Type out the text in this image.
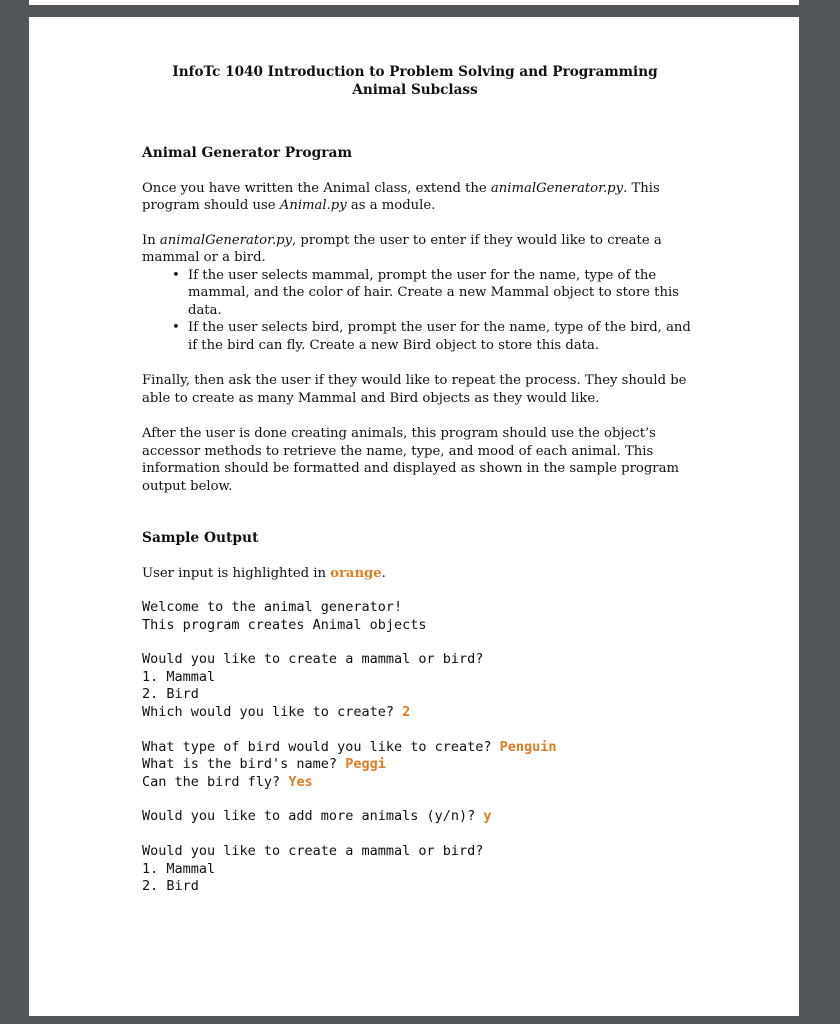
InfoTc 1040 Introduction to Problem Solving and Programming
Animal Subclass
Animal Generator Program

Once you have written the Animal class, extend the animalGenerator.py. This program should use Animal.py as a module.

In animalGenerator.py, prompt the user to enter if they would like to create a mammal or a bird.

• If the user selects mammal, prompt the user for the name, type of the mammal, and the color of hair. Create a new Mammal object to store this data.
• If the user selects bird, prompt the user for the name, type of the bird, and if the bird can fly. Create a new Bird object to store this data.

Finally, then ask the user if they would like to repeat the process. They should be able to create as many Mammal and Bird objects as they would like.

After the user is done creating animals, this program should use the object’s accessor methods to retrieve the name, type, and mood of each animal. This information should be formatted and displayed as shown in the sample program output below.

Sample Output

User input is highlighted in orange.

Welcome to the animal generator!
This program creates Animal objects
Would you like to create a mammal or bird?
1. Mammal
2. Bird
Which would you like to create? 2
What type of bird would you like to create? Penguin
What is the bird's name? Peggi
Can the bird fly? Yes
Would you like to add more animals (y/n)? y
Would you like to create a mammal or bird?
1. Mammal
2. Bird
